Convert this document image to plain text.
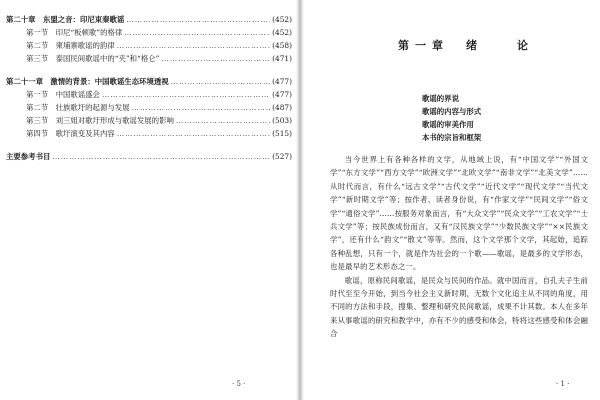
第二十章　 东盟之音：印尼束秦歌谣 ……………………………………………………………………………………………………………………………………………………	(452)
第一节　 印尼“板顿歌”的格律 ……………………………………………………………………………………………………………………………………………………	(452)
第二节　 柬埔寨歌谣的韵律 ……………………………………………………………………………………………………………………………………………………	(458)
第三节　 泰国民间歌谣中的“夹”和“格仑” ……………………………………………………………………………………………………………………………………………………	(471)
第二十一章　 激情的背景：中国歌谣生态环境透视 ……………………………………………………………………………………………………………………………………………………	(477)
第一节　 中国歌谣盛会 ……………………………………………………………………………………………………………………………………………………	(477)
第二节　 壮族歌圩的起源与发展 ……………………………………………………………………………………………………………………………………………………	(487)
第三节　 刘三姐对歌圩形成与歌谣发展的影响 ……………………………………………………………………………………………………………………………………………………	(503)
第四节　 歌圩演变及其内容 ……………………………………………………………………………………………………………………………………………………	(515)
主要参考书目 ……………………………………………………………………………………………………………………………………………………	(527)
· 5 ·
第一章　绪　　论
歌谣的界说
歌谣的内容与形式
歌谣的审美作用
本书的宗旨和框架

当今世界上有各种各样的文学，从地域上说，有“中国文学”“外国文学”“东方文学”“西方文学”“欧洲文学”“北欧文学”“南非文学”“北美文学”……从时代而言，有什么“远古文学”“古代文学”“近代文学”“现代文学”“当代文学”“新时期文学”等；按作者、读者身份说，有“作家文学”“民间文学”“俗文学”“通俗文学”……按服务对象而言，有“大众文学”“民众文学”“工农文学”“士兵文学”等；按民族成份而言，又有“汉民族文学”“少数民族文学”“××民族文学”，还有什么“韵文”“散文”等等。然而，这个文学那个文学，其起始，追踪各种乱想，只有一个，就是作为社会的一个歌——歌谣，是最多的文学形态，也是最早的艺术形态之一。

歌谣，原称民间歌谣，是民众与民间的作品。就中国而言，自孔夫子生前时代至至今开始，到当今社会主义新时期，无数个文化追主从不同的角度，用不同的方法和手段，搜集、整理和研究民间歌谣，成果不计其数。本人在多年来从事歌谣的研究和教学中，亦有不少的感受和体会，特将这些感受和体会融合

· 1 ·
